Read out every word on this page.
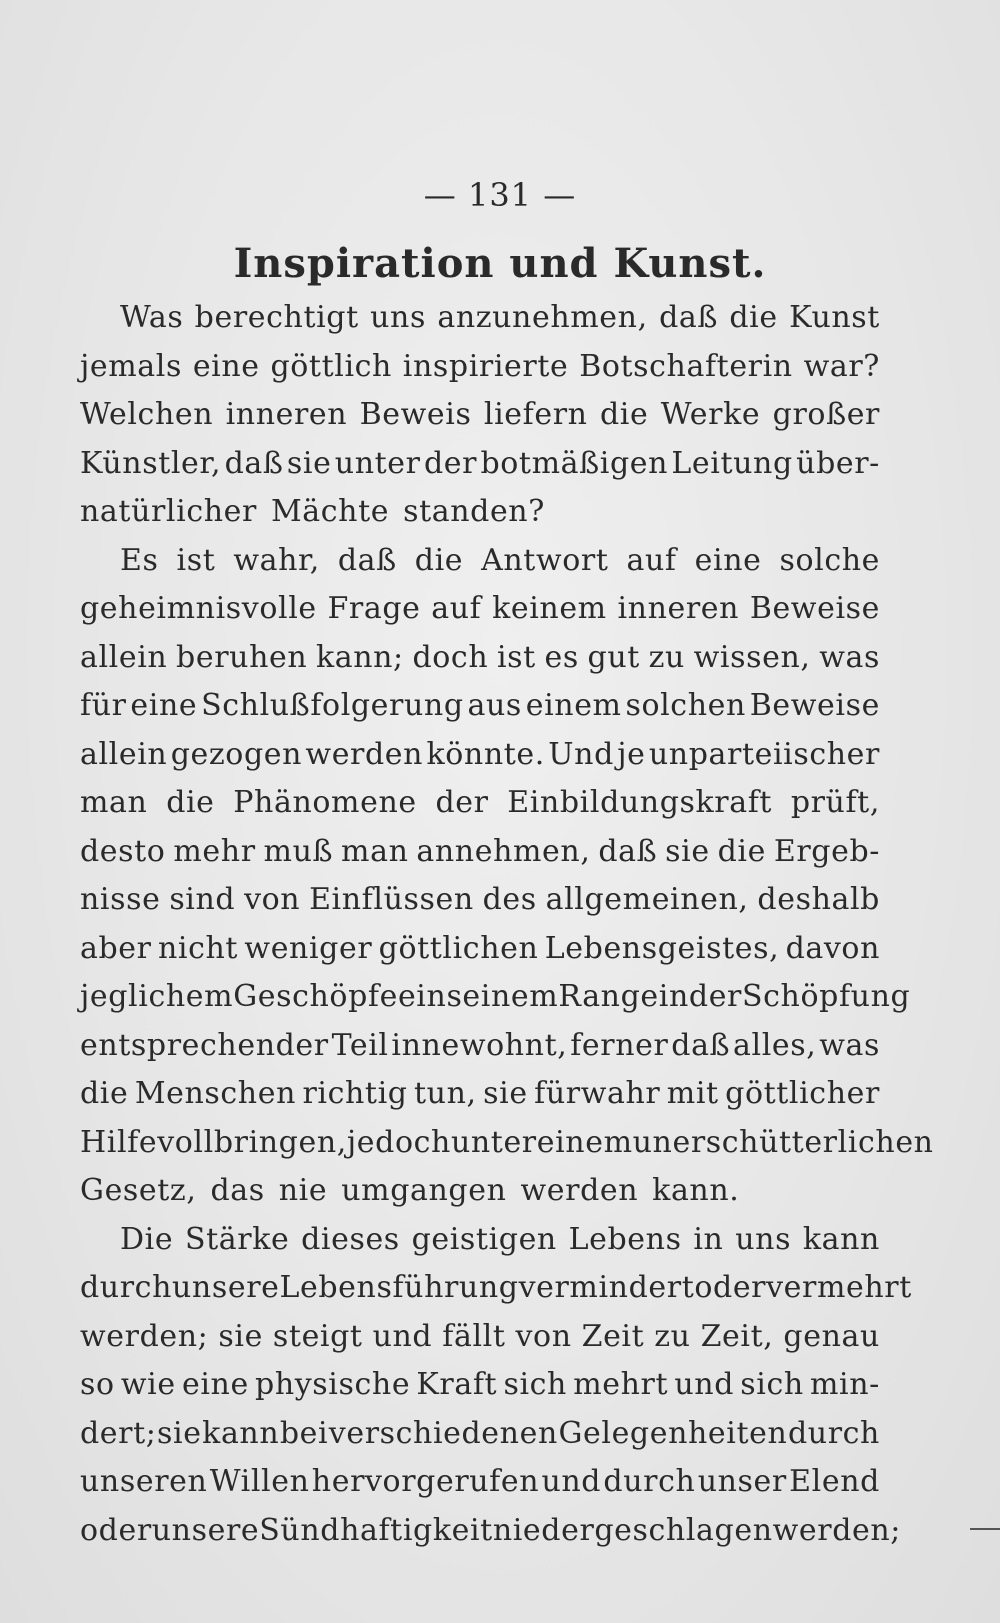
— 131 —
Inspiration und Kunst.
Was berechtigt uns anzunehmen, daß die Kunst
jemals eine göttlich inspirierte Botschafterin war?
Welchen inneren Beweis liefern die Werke großer
Künstler, daß sie unter der botmäßigen Leitung über-
natürlicher Mächte standen?
Es ist wahr, daß die Antwort auf eine solche
geheimnisvolle Frage auf keinem inneren Beweise
allein beruhen kann; doch ist es gut zu wissen, was
für eine Schlußfolgerung aus einem solchen Beweise
allein gezogen werden könnte. Und je unparteiischer
man die Phänomene der Einbildungskraft prüft,
desto mehr muß man annehmen, daß sie die Ergeb-
nisse sind von Einflüssen des allgemeinen, deshalb
aber nicht weniger göttlichen Lebensgeistes, davon
jeglichem Geschöpfe ein seinem Range in der Schöpfung
entsprechender Teil innewohnt, ferner daß alles, was
die Menschen richtig tun, sie fürwahr mit göttlicher
Hilfe vollbringen, jedoch unter einem unerschütterlichen
Gesetz, das nie umgangen werden kann.
Die Stärke dieses geistigen Lebens in uns kann
durch unsere Lebensführung vermindert oder vermehrt
werden; sie steigt und fällt von Zeit zu Zeit, genau
so wie eine physische Kraft sich mehrt und sich min-
dert; sie kann bei verschiedenen Gelegenheiten durch
unseren Willen hervorgerufen und durch unser Elend
oder unsere Sündhaftigkeit niedergeschlagen werden;
